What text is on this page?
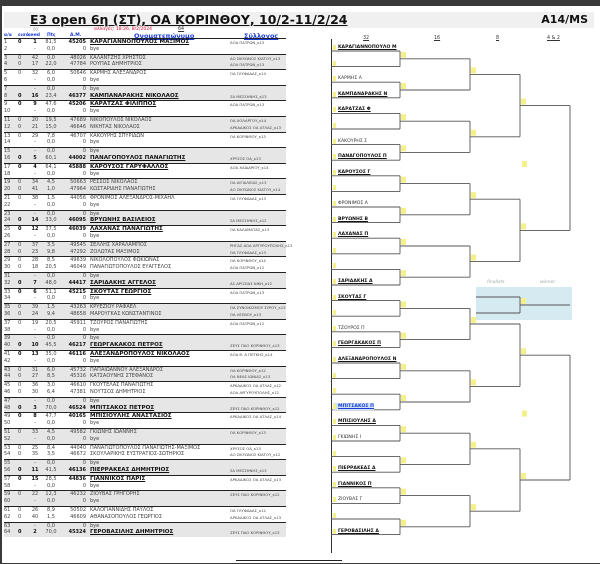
Ε3 open 6η (ΣΤ), ΟΑ ΚΟΡΙΝΘΟΥ, 10/2-11/2/24	A14/MS
00	αλλαγές: 18:26, 8/2/2024
α/α εισό seed Πtς	Α.Μ.
64
Ονοματεπώνυμο	Σύλλογος	32	16	8	4 & 2
1	0	1	81,5	45205 ΚΑΡΑΓΙΑΝΝΟΠΟΥΛΟΣ ΜΑΞΙΜΟΣ	ΑΟΑ ΠΑΤΡΩΝ_κ13
2	-	0,0	0 bye
3	0	42	0,0	48026 ΚΑΛΑΝΤΖΗΣ ΧΡΗΣΤΟΣ	ΑΟ ΣΙΚΥΩΝΟΣ ΚΙΑΤΟΥ_κ13
4	0	17	22,0	47784 ΡΟΥΠΑΣ ΔΗΜΗΤΡΙΟΣ	ΑΟΑ ΠΑΤΡΩΝ_κ13
5	0	32	6,0	50646 ΚΑΡΜΗΣ ΑΛΕΞΑΝΔΡΟΣ	ΟΑ ΓΛΥΦΑΔΑΣ_κ14
6	-	0,0	0 bye
7	-	0,0	0 bye
8	0	16	23,4	46377 ΚΑΜΠΑΝΑΡΑΚΗΣ ΝΙΚΟΛΑΟΣ	ΣΑ ΜΕΣΣΗΝΗΣ_κ13
9	0	9	47,6	45206 ΚΑΡΑΤΖΑΣ ΦΙΛΙΠΠΟΣ	ΑΟΑ ΠΑΤΡΩΝ_κ13
10	-	0,0	0 bye
11	0	20	19,5	47689 ΝΙΚΟΠΟΥΛΟΣ ΝΙΚΟΛΑΟΣ	ΟΑ ΧΟΛΑΡΓΟΥ_κ14
12	0	21	15,0	46646 ΝΙΚΗΤΑΣ ΝΙΚΟΛΑΟΣ	ΑΡΚΑΔΙΚΟΣ ΟΑ ΑΤΛΑΣ_κ13
13	0	29	7,8	46707 ΚΑΚΟΥΡΗΣ ΣΠΥΡΙΔΩΝ	ΟΑ ΚΟΡΙΝΘΟΥ_κ13
14	-	0,0	0 bye
15	-	0,0	0 bye
16	0	5	60,1	44002 ΠΑΝΑΓΟΠΟΥΛΟΣ ΠΑΝΑΓΙΩΤΗΣ	ΧΡΥΣΟΣ ΟΑ_κ13
17	0	4	64,1	45888 ΚΑΡΟΥΣΟΣ ΓΑΡΥΦΑΛΛΟΣ	ΑΟΑ ΧΑΪΔΑΡΙΟΥ_κ14
18	-	0,0	0 bye
19	0	34	4,5	50663 ΡΕΣΣΟΣ ΝΙΚΟΛΑΟΣ	ΟΑ ΑΙΓΙΑΛΕΙΑΣ_κ13
20	0	41	1,0	47964 ΚΩΣΤΑΡΙΔΗΣ ΠΑΝΑΓΙΩΤΗΣ	ΑΟ ΣΙΚΥΩΝΟΣ ΚΙΑΤΟΥ_κ14
21	0	38	1,5	44056 ΦΡΟΝΙΜΟΣ ΑΛΕΞΑΝΔΡΟΣ-ΜΙΧΑΗΛ	ΟΑ ΓΛΥΦΑΔΑΣ_κ13
22	-	0,0	0 bye
23	-	0,0	0 bye
24	0	14	33,0	46095 ΒΡΥΩΝΗΣ ΒΑΣΙΛΕΙΟΣ	ΣΑ ΜΕΣΣΗΝΗΣ_κ12
25	0	12	37,5	46039 ΛΑΧΑΝΑΣ ΠΑΝΑΓΙΩΤΗΣ	ΟΑ ΚΑΛΑΜΑΤΑΣ_κ13
26	-	0,0	0 bye
27	0	37	3,5	49545 ΣΕΛΛΗΣ ΧΑΡΑΛΑΜΠΟΣ	ΡΗΓΑΣ ΑΟΑ ΑΡΓΥΡΟΥΠΟΛΗΣ_κ13
28	0	23	9,8	47292 ΖΟΛΩΤΑΣ ΜΑΞΙΜΟΣ	ΟΑ ΓΛΥΦΑΔΑΣ_κ13
29	0	28	8,5	49639 ΝΙΚΟΛΟΠΟΥΛΟΣ ΦΩΚΙΩΝΑΣ	ΟΑ ΚΟΡΙΝΘΟΥ_κ14
30	0	18	20,5	46049 ΠΑΝΑΓΙΩΤΟΠΟΥΛΟΣ ΕΥΑΓΓΕΛΟΣ	ΑΟΑ ΠΑΤΡΩΝ_κ12
31	-	0,0	0 bye
32	0	7	48,0	44417 ΣΑΡΙΔΑΚΗΣ ΑΓΓΕΛΟΣ	ΑΣ ΔΡΟΣΙΑΣ ΝΙΚΗ_κ12
33	0	6	51,1	45215 ΣΚΟΥΤΑΣ ΓΕΩΡΓΙΟΣ	ΑΟΑ ΠΑΤΡΩΝ_κ13
34	-	0,0	0 bye
35	0	39	1,5	43263 ΚΡΥΕΖΙΟΥ ΡΑΦΑΕΛ	ΟΑ ΣΥΝΟΙΚΙΣΜΟΥ ΣΥΡΟΥ_κ13
36	0	24	9,4	48658 ΜΑΡΟΥΓΚΑΣ ΚΩΝΣΤΑΝΤΙΝΟΣ	ΟΑ ΛΕΣΒΟΥ_κ13
37	0	19	20,5	45911 ΤΖΟΥΡΟΣ ΠΑΝΑΓΙΩΤΗΣ	ΑΟΑ ΠΑΤΡΩΝ_κ12
38	-	0,0	0 bye
39	-	0,0	0 bye
40	0	10	45,5	46217 ΓΕΩΡΓΑΚΑΚΟΣ ΠΕΤΡΟΣ	ΖΕΥΣ ΠΑΟ ΚΟΡΙΝΘΟΥ_κ13
41	0	13	35,0	46116 ΑΛΕΞΑΝΔΡΟΠΟΥΛΟΣ ΝΙΚΟΛΑΟΣ	ΑΟΑ Β. Α ΠΕΤΚΗΣ_κ14
42	-	0,0	0 bye
43	0	31	6,0	45732 ΠΑΠΑΪΩΑΝΝΟΥ ΑΛΕΞΑΝΔΡΟΣ	ΟΑ ΚΟΡΙΝΘΟΥ_κ12
44	0	27	8,5	45316 ΚΑΤΣΑΟΥΝΗΣ ΣΤΕΦΑΝΟΣ	ΟΑ ΝΕΑΣ ΙΩΝΙΑΣ_κ13
45	0	36	3,0	46610 ΓΚΟΥΤΕΛΑΣ ΠΑΝΑΓΙΩΤΗΣ	ΑΡΚΑΔΙΚΟΣ ΟΑ ΑΤΛΑΣ_κ12
46	0	30	6,4	47381 ΝΟΥΤΣΟΣ ΔΗΜΗΤΡΙΟΣ	ΑΟΑ ΑΡΓΥΡΟΥΠΟΛΗΣ_κ12
47	-	0,0	0 bye
48	0	3	70,0	46524 ΜΠΙΤΣΑΚΟΣ ΠΕΤΡΟΣ	ΖΕΥΣ ΠΑΟ ΚΟΡΙΝΘΟΥ_κ12
49	0	8	47,7	40165 ΜΠΙΣΙΟΥΛΗΣ ΑΝΑΣΤΑΣΙΟΣ	ΑΡΚΑΔΙΚΟΣ ΟΑ ΑΤΛΑΣ_κ14
50	-	0,0	0 bye
51	0	33	4,5	49582 ΓΚΙΩΝΗΣ ΙΩΑΝΝΗΣ	ΟΑ ΚΟΡΙΝΘΟΥ_κ13
52	-	0,0	0 bye
53	0	25	8,4	44040 ΠΑΝΑΓΙΩΤΟΠΟΥΛΟΣ ΠΑΝΑΓΙΩΤΗΣ-ΜΑΞΙΜΟΣ	ΧΡΥΣΟΣ ΟΑ_κ13
54	0	35	3,5	46672 ΣΚΟΥΛΑΡΙΚΗΣ ΕΥΣΤΡΑΤΙΟΣ-ΣΩΤΗΡΙΟΣ	ΑΟ ΣΙΚΥΩΝΟΣ ΚΙΑΤΟΥ_κ12
55	-	0,0	0 bye
56	0	11	41,5	46136 ΠΙΕΡΡΑΚΕΑΣ ΔΗΜΗΤΡΙΟΣ	ΣΑ ΜΕΣΣΗΝΗΣ_κ13
57	0	15	28,5	44836 ΓΙΑΝΝΙΚΟΣ ΠΑΡΙΣ	ΑΡΚΑΔΙΚΟΣ ΟΑ ΑΤΛΑΣ_κ13
58	-	0,0	0 bye
59	0	22	12,3	46232 ΖΙΟΥΒΑΣ ΓΡΗΓΟΡΗΣ	ΖΕΥΣ ΠΑΟ ΚΟΡΙΝΘΟΥ_κ12
60	-	0,0	0 bye
61	0	26	8,9	50502 ΚΑΛΟΓΙΑΝΝΙΔΗΣ ΠΑΥΛΟΣ	ΟΑ ΓΛΥΦΑΔΑΣ_κ12
62	0	40	1,5	46609 ΑΘΑΝΑΣΟΠΟΥΛΟΣ ΓΕΩΡΓΙΟΣ	ΑΡΚΑΔΙΚΟΣ ΟΑ ΑΤΛΑΣ_κ13
63	-	0,0	0 bye
64	0	2	70,0	45324 ΓΕΡΟΒΑΣΙΛΗΣ ΔΗΜΗΤΡΙΟΣ	ΖΕΥΣ ΠΑΟ ΚΟΡΙΝΘΟΥ_κ13
finalists	winner
ΚΑΡΑΓΙΑΝΝΟΠΟΥΛΟ Μ
ΚΑΡΜΗΣ Α
ΚΑΜΠΑΝΑΡΑΚΗΣ Ν
ΚΑΡΑΤΖΑΣ Φ
ΚΑΚΟΥΡΗΣ Σ
ΠΑΝΑΓΟΠΟΥΛΟΣ Π
ΚΑΡΟΥΣΟΣ Γ
ΦΡΟΝΙΜΟΣ Α
ΒΡΥΩΝΗΣ Β
ΛΑΧΑΝΑΣ Π
ΣΑΡΙΔΑΚΗΣ Α
ΣΚΟΥΤΑΣ Γ
ΤΖΟΥΡΟΣ Π
ΓΕΩΡΓΑΚΑΚΟΣ Π
ΑΛΕΞΑΝΔΡΟΠΟΥΛΟΣ Ν
ΜΠΙΤΣΑΚΟΣ Π
ΜΠΙΣΙΟΥΛΗΣ Α
ΓΚΙΩΝΗΣ Ι
ΠΙΕΡΡΑΚΕΑΣ Δ
ΓΙΑΝΝΙΚΟΣ Π
ΖΙΟΥΒΑΣ Γ
ΓΕΡΟΒΑΣΙΛΗΣ Δ
